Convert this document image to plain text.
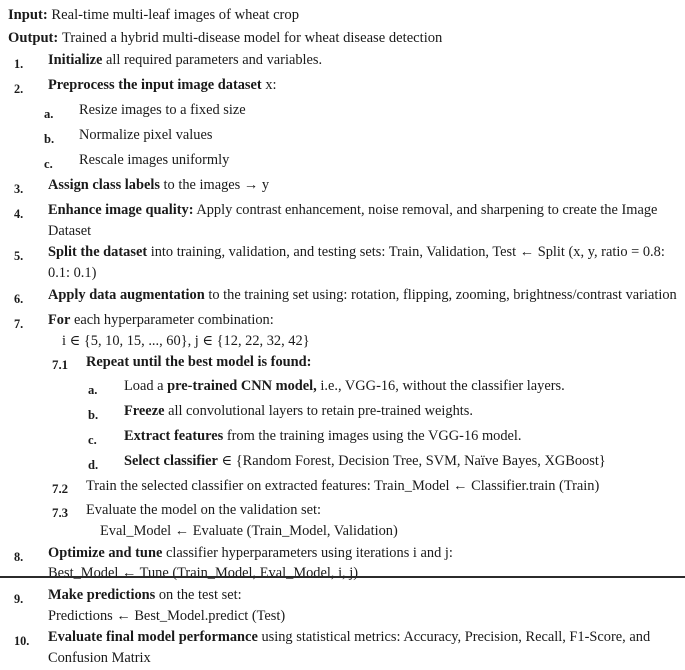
Input:
Real-time multi-leaf images of wheat crop
Output:
Trained a hybrid multi-disease model for wheat disease detection
1.	Initialize all required parameters and variables.
2.	Preprocess the input image dataset x:
a.	Resize images to a fixed size
b.	Normalize pixel values
c.	Rescale images uniformly
3.	Assign class labels to the images → y
4.	Enhance image quality: Apply contrast enhancement, noise removal, and sharpening to create the Image Dataset
5.	Split the dataset into training, validation, and testing sets: Train, Validation, Test ← Split (x, y, ratio = 0.8: 0.1: 0.1)
6.	Apply data augmentation to the training set using: rotation, flipping, zooming, brightness/contrast variation
7.	For each hyperparameter combination:
i ∈ {5, 10, 15, ..., 60}, j ∈ {12, 22, 32, 42}
7.1	Repeat until the best model is found:
a.	Load a pre-trained CNN model, i.e., VGG-16, without the classifier layers.
b.	Freeze all convolutional layers to retain pre-trained weights.
c.	Extract features from the training images using the VGG-16 model.
d.	Select classifier ∈ {Random Forest, Decision Tree, SVM, Naïve Bayes, XGBoost}
7.2	Train the selected classifier on extracted features: Train_Model ← Classifier.train (Train)
7.3	Evaluate the model on the validation set:
Eval_Model ← Evaluate (Train_Model, Validation)
8.	Optimize and tune classifier hyperparameters using iterations i and j:
Best_Model ← Tune (Train_Model, Eval_Model, i, j)
9.	Make predictions on the test set:
Predictions ← Best_Model.predict (Test)
10.	Evaluate final model performance using statistical metrics: Accuracy, Precision, Recall, F1-Score, and Confusion Matrix
